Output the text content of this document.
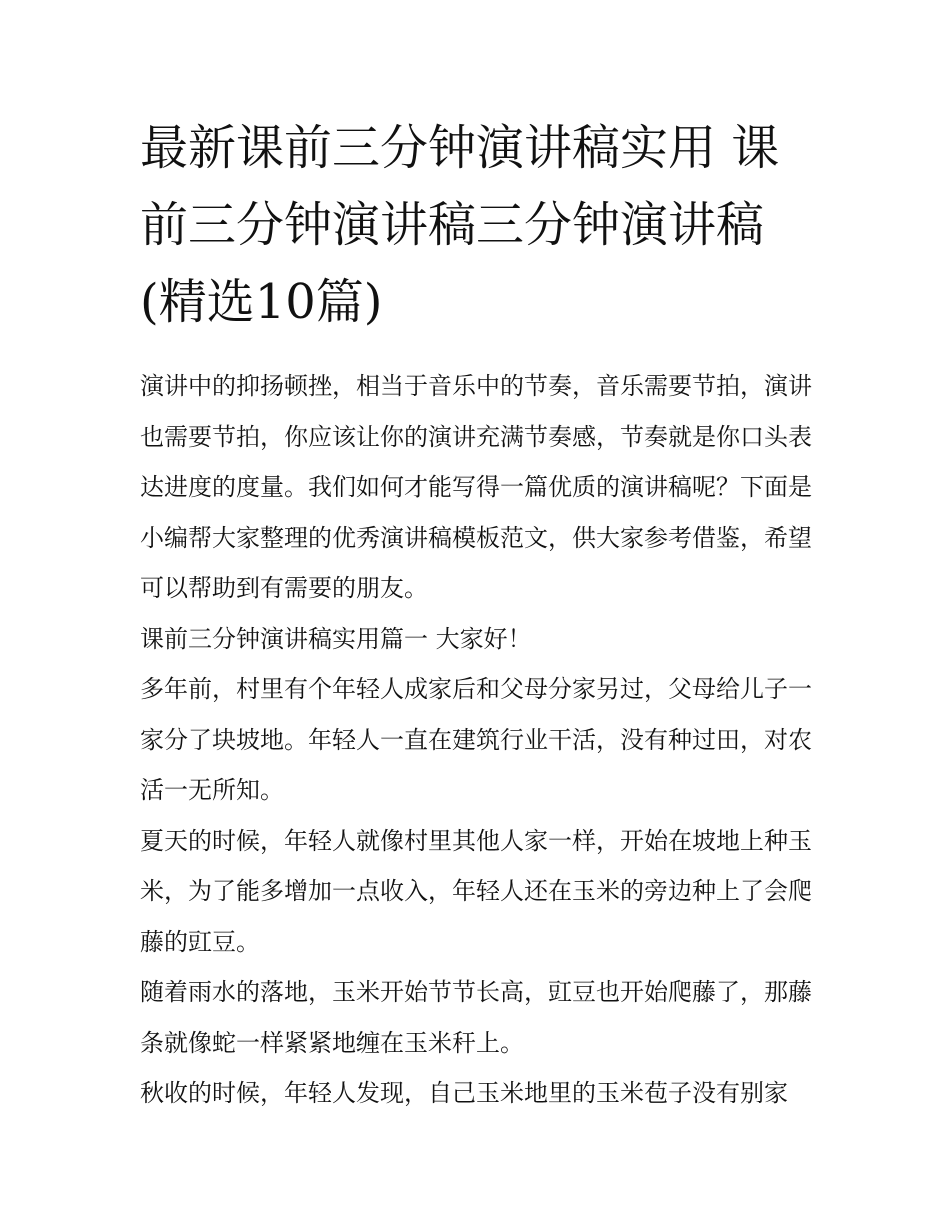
最新课前三分钟演讲稿实用 课前三分钟演讲稿三分钟演讲稿(精选10篇)

演讲中的抑扬顿挫，相当于音乐中的节奏，音乐需要节拍，演讲也需要节拍，你应该让你的演讲充满节奏感，节奏就是你口头表达进度的度量。我们如何才能写得一篇优质的演讲稿呢？下面是小编帮大家整理的优秀演讲稿模板范文，供大家参考借鉴，希望可以帮助到有需要的朋友。

课前三分钟演讲稿实用篇一 大家好！

多年前，村里有个年轻人成家后和父母分家另过，父母给儿子一家分了块坡地。年轻人一直在建筑行业干活，没有种过田，对农活一无所知。

夏天的时候，年轻人就像村里其他人家一样，开始在坡地上种玉米，为了能多增加一点收入，年轻人还在玉米的旁边种上了会爬藤的豇豆。

随着雨水的落地，玉米开始节节长高，豇豆也开始爬藤了，那藤条就像蛇一样紧紧地缠在玉米秆上。

秋收的时候，年轻人发现，自己玉米地里的玉米苞子没有别家
